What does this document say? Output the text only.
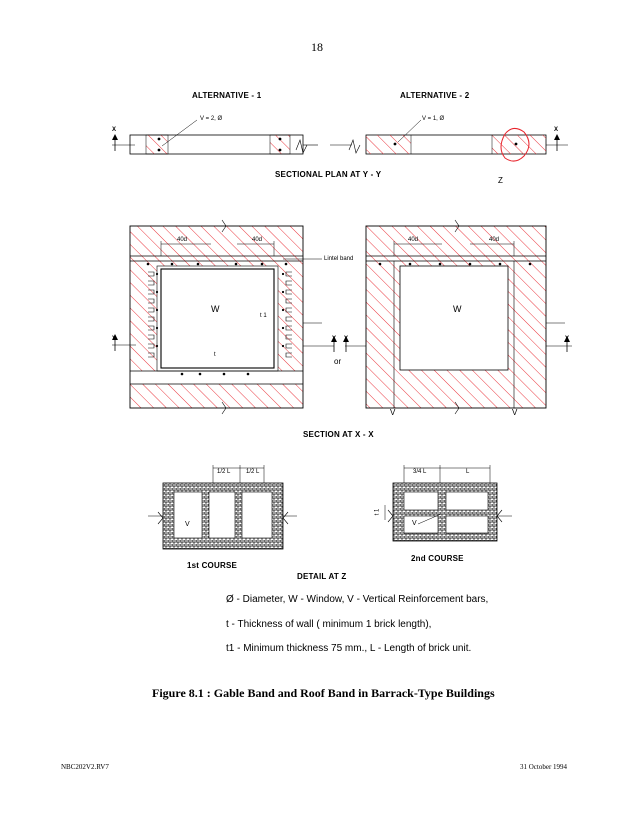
18
ALTERNATIVE - 1	ALTERNATIVE - 2
V = 2, Ø	V = 1, Ø
X	X
SECTIONAL PLAN AT Y - Y
Z
40d	40d	40d	40d
Lintel band
W	W
t 1
t
Y	Y Y	Y
or
V	V
SECTION AT X - X
1/2 L	1/2 L	3/4 L	L
t 1
V	V
2nd COURSE
1st COURSE
DETAIL AT Z
Ø - Diameter, W - Window, V - Vertical Reinforcement bars,
t - Thickness of wall ( minimum 1 brick length),
t1 - Minimum thickness 75 mm., L - Length of brick unit.
Figure 8.1 : Gable Band and Roof Band in Barrack-Type Buildings
NBC202V2.RV7	31 October 1994
